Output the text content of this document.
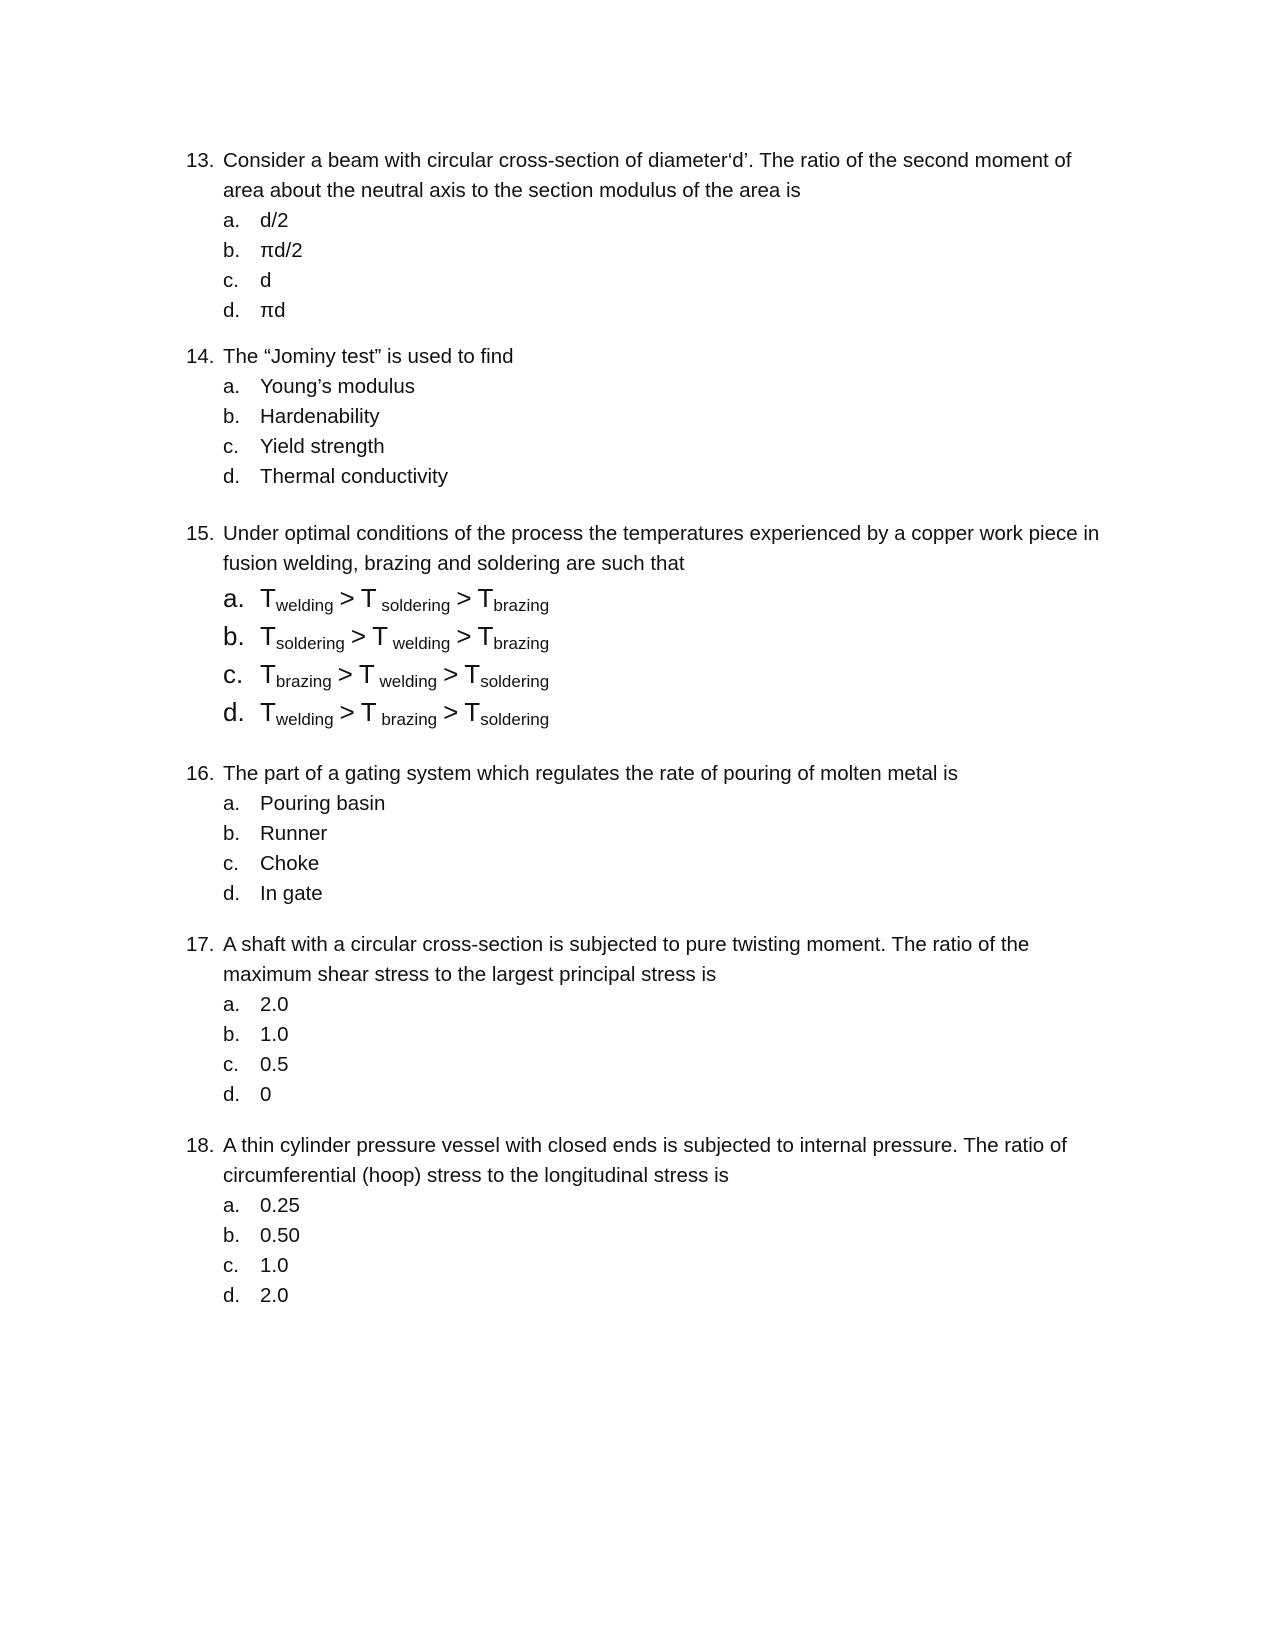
13. Consider a beam with circular cross-section of diameter‘d’. The ratio of the second moment of area about the neutral axis to the section modulus of the area is
a. d/2
b. πd/2
c.	d
d. πd
14. The “Jominy test” is used to find
a. Young’s modulus
b. Hardenability
c.	Yield strength
d. Thermal conductivity
15. Under optimal conditions of the process the temperatures experienced by a copper work piece in fusion welding, brazing and soldering are such that
a. $T_{welding} > T$ $_{soldering} > T_{brazing}$
b. $T_{soldering} > T$ $_{welding} > T_{brazing}$
c. $T_{brazing} > T$ $_{welding} > T_{soldering}$
d. $T_{welding} > T$ $_{brazing} > T_{soldering}$
16. The part of a gating system which regulates the rate of pouring of molten metal is
a. Pouring basin
b. Runner
c.	Choke
d. In gate
17. A shaft with a circular cross-section is subjected to pure twisting moment. The ratio of the maximum shear stress to the largest principal stress is
a. 2.0
b. 1.0
c.	0.5
d. 0
18. A thin cylinder pressure vessel with closed ends is subjected to internal pressure. The ratio of circumferential (hoop) stress to the longitudinal stress is
a. 0.25
b. 0.50
c.	1.0
d. 2.0
